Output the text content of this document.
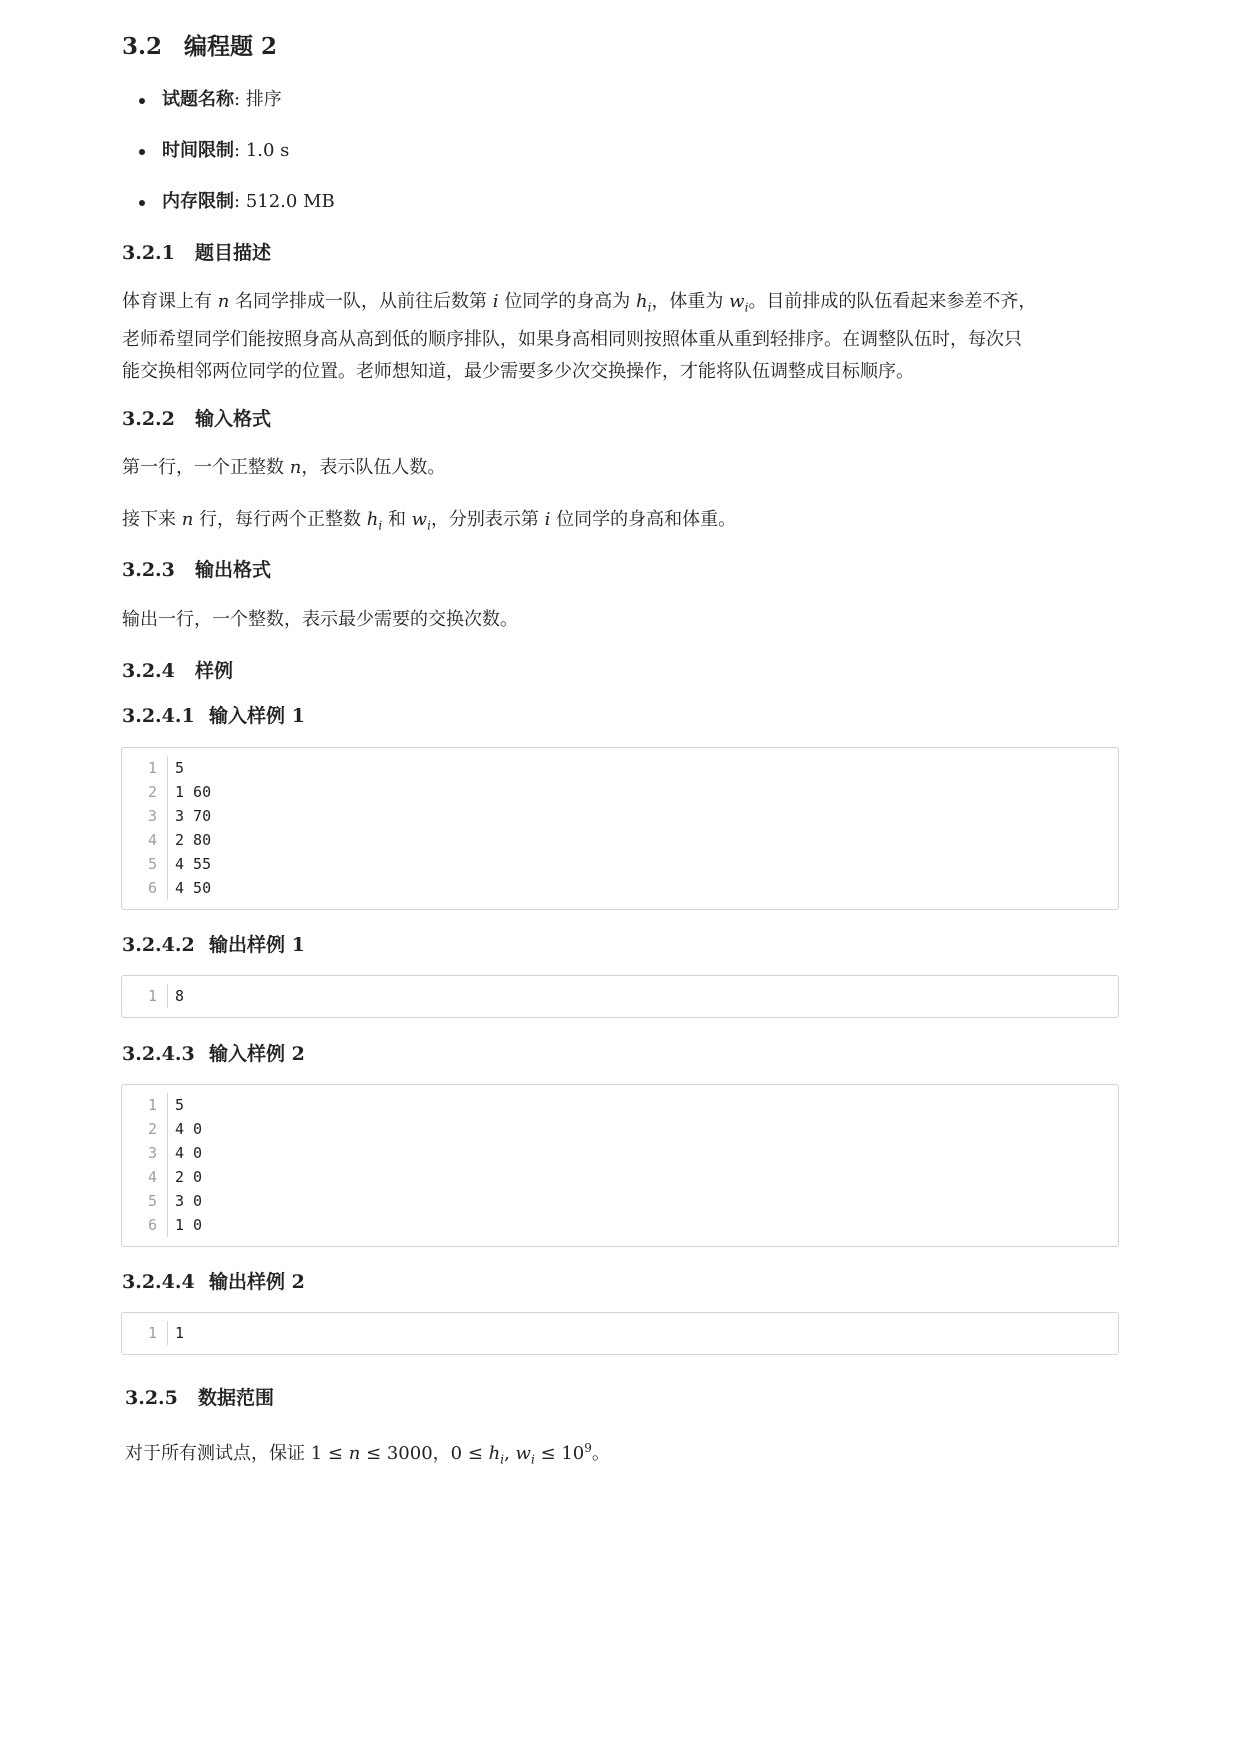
3.2 编程题 2
试题名称: 排序
时间限制: 1.0 s
内存限制: 512.0 MB
3.2.1 题目描述

体育课上有 n 名同学排成一队，从前往后数第 i 位同学的身高为 $h_i$，体重为 $w_i$。目前排成的队伍看起来参差不齐，
老师希望同学们能按照身高从高到低的顺序排队，如果身高相同则按照体重从重到轻排序。在调整队伍时，每次只
能交换相邻两位同学的位置。老师想知道，最少需要多少次交换操作，才能将队伍调整成目标顺序。

3.2.2 输入格式

第一行，一个正整数 n，表示队伍人数。

接下来 n 行，每行两个正整数 $h_i$ 和 $w_i$，分别表示第 i 位同学的身高和体重。

3.2.3 输出格式

输出一行，一个整数，表示最少需要的交换次数。

3.2.4 样例
3.2.4.1 输入样例 1
1	5
2	1 60
3	3 70
4	2 80
5	4 55
6	4 50
3.2.4.2 输出样例 1
1	8
3.2.4.3 输入样例 2
1	5
2	4 0
3	4 0
4	2 0
5	3 0
6	1 0
3.2.4.4 输出样例 2
1	1
3.2.5 数据范围

对于所有测试点，保证 1 ≤ n ≤ 3000，$0 \le h_i$, $w_i \le 10^9$。
